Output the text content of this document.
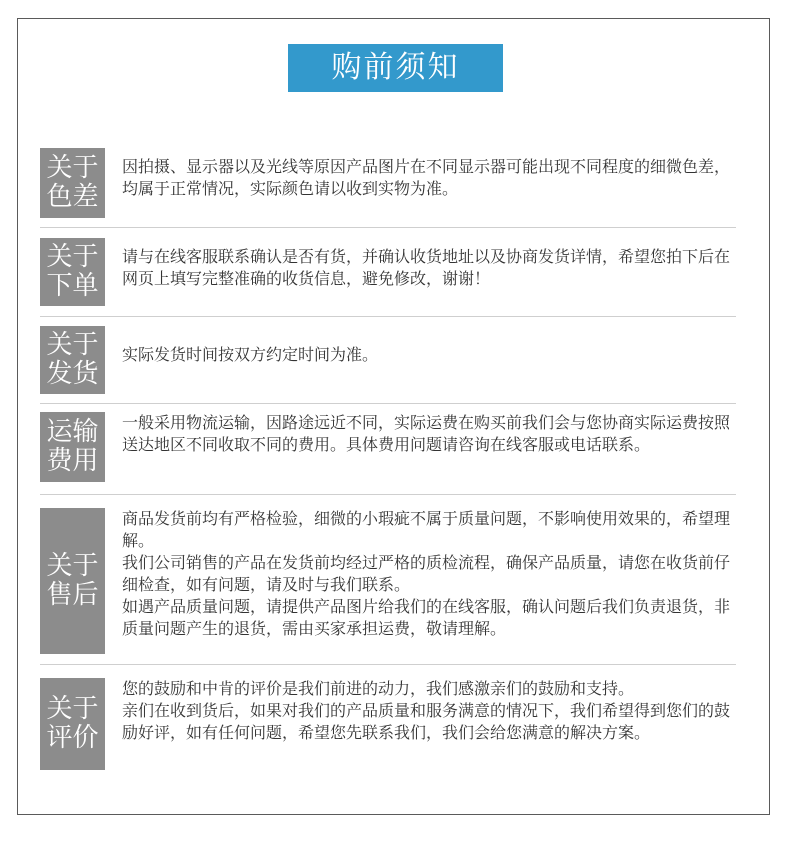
购前须知
关于
色差

因拍摄、显示器以及光线等原因产品图片在不同显示器可能出现不同程度的细微色差，均属于正常情况，实际颜色请以收到实物为准。

关于
下单

请与在线客服联系确认是否有货，并确认收货地址以及协商发货详情，希望您拍下后在网页上填写完整准确的收货信息，避免修改，谢谢！

关于
发货

实际发货时间按双方约定时间为准。

运输
费用

一般采用物流运输，因路途远近不同，实际运费在购买前我们会与您协商实际运费按照送达地区不同收取不同的费用。具体费用问题请咨询在线客服或电话联系。

关于
售后

商品发货前均有严格检验，细微的小瑕疵不属于质量问题，不影响使用效果的，希望理解。

我们公司销售的产品在发货前均经过严格的质检流程，确保产品质量，请您在收货前仔细检查，如有问题，请及时与我们联系。

如遇产品质量问题，请提供产品图片给我们的在线客服，确认问题后我们负责退货，非质量问题产生的退货，需由买家承担运费，敬请理解。

关于
评价

您的鼓励和中肯的评价是我们前进的动力，我们感激亲们的鼓励和支持。

亲们在收到货后，如果对我们的产品质量和服务满意的情况下，我们希望得到您们的鼓励好评，如有任何问题，希望您先联系我们，我们会给您满意的解决方案。
